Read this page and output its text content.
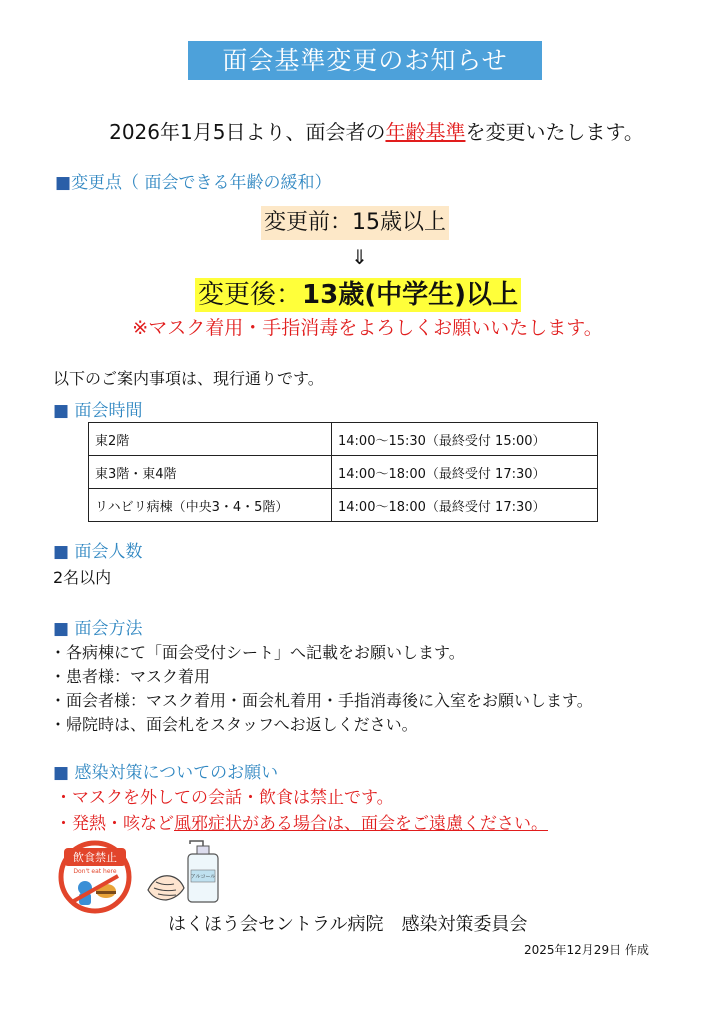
面会基準変更のお知らせ
2026年1月5日より、面会者の年齢基準を変更いたします。
■変更点（ 面会できる年齢の緩和）
変更前：15歳以上
⇓
変更後：13歳(中学生)以上
※マスク着用・手指消毒をよろしくお願いいたします。
以下のご案内事項は、現行通りです。
■ 面会時間
東2階	14:00～15:30（最終受付 15:00）
東3階・東4階	14:00～18:00（最終受付 17:30）
リハビリ病棟（中央3・4・5階）	14:00～18:00（最終受付 17:30）
■ 面会人数
2名以内
■ 面会方法
・各病棟にて「面会受付シート」へ記載をお願いします。
・患者様：マスク着用
・面会者様：マスク着用・面会札着用・手指消毒後に入室をお願いします。
・帰院時は、面会札をスタッフへお返しください。
■ 感染対策についてのお願い
・マスクを外しての会話・飲食は禁止です。
・発熱・咳など風邪症状がある場合は、面会をご遠慮ください。
飲食禁止
Don't eat here
アルコール
はくほう会セントラル病院　感染対策委員会
2025年12月29日 作成
